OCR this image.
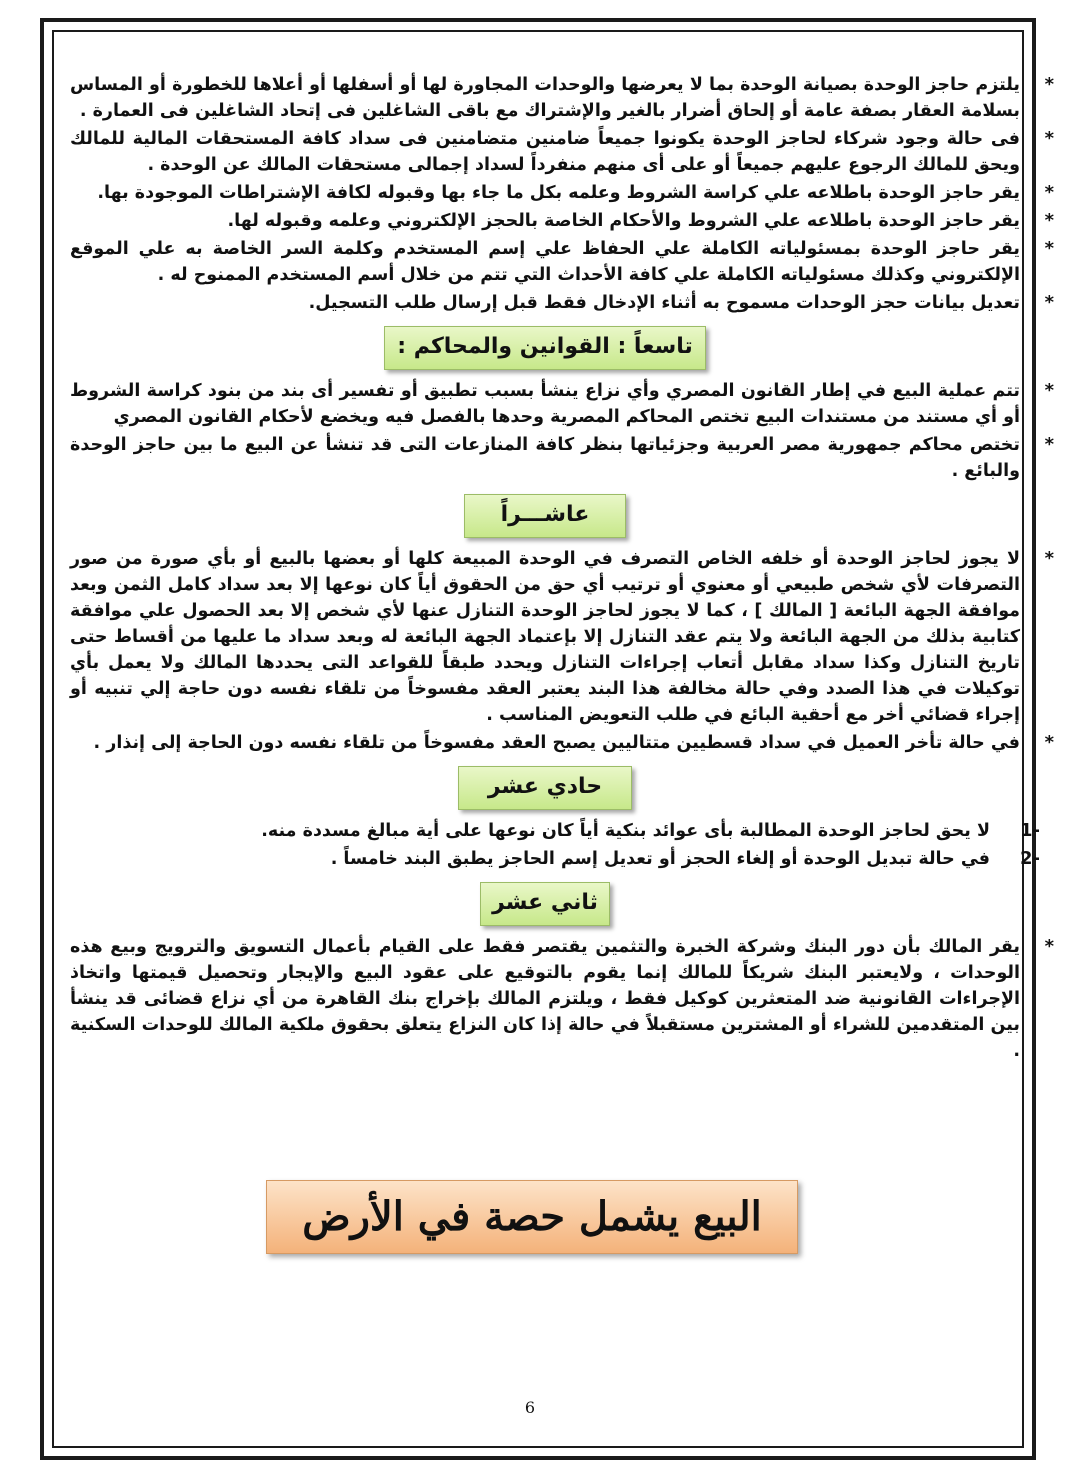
*
يلتزم حاجز الوحدة بصيانة الوحدة بما لا يعرضها والوحدات المجاورة لها أو أسفلها أو أعلاها للخطورة أو المساس بسلامة العقار بصفة عامة أو إلحاق أضرار بالغير والإشتراك مع باقى الشاغلين فى إتحاد الشاغلين فى العمارة .
*
فى حالة وجود شركاء لحاجز الوحدة يكونوا جميعاً ضامنين متضامنين فى سداد كافة المستحقات المالية للمالك ويحق للمالك الرجوع عليهم جميعاً أو على أى منهم منفرداً لسداد إجمالى مستحقات المالك عن الوحدة .
*
يقر حاجز الوحدة باطلاعه علي كراسة الشروط وعلمه بكل ما جاء بها وقبوله لكافة الإشتراطات الموجودة بها.
*
يقر حاجز الوحدة باطلاعه علي الشروط والأحكام الخاصة بالحجز الإلكتروني وعلمه وقبوله لها.
*
يقر حاجز الوحدة بمسئولياته الكاملة علي الحفاظ علي إسم المستخدم وكلمة السر الخاصة به علي الموقع الإلكتروني وكذلك مسئولياته الكاملة علي كافة الأحداث التي تتم من خلال أسم المستخدم الممنوح له .
*
تعديل بيانات حجز الوحدات مسموح به أثناء الإدخال فقط قبل إرسال طلب التسجيل.
تاسعاً : القوانين والمحاكم :
*
تتم عملية البيع في إطار القانون المصري وأي نزاع ينشأ بسبب تطبيق أو تفسير أى بند من بنود كراسة الشروط أو أي مستند من مستندات البيع تختص المحاكم المصرية وحدها بالفصل فيه ويخضع لأحكام القانون المصري
*
تختص محاكم جمهورية مصر العربية وجزئياتها بنظر كافة المنازعات التى قد تنشأ عن البيع ما بين حاجز الوحدة والبائع .
عاشـــراً
*
لا يجوز لحاجز الوحدة أو خلفه الخاص التصرف في الوحدة المبيعة كلها أو بعضها بالبيع أو بأي صورة من صور التصرفات لأي شخص طبيعي أو معنوي أو ترتيب أي حق من الحقوق أياً كان نوعها إلا بعد سداد كامل الثمن وبعد موافقة الجهة البائعة [ المالك ] ، كما لا يجوز لحاجز الوحدة التنازل عنها لأي شخص إلا بعد الحصول علي موافقة كتابية بذلك من الجهة البائعة ولا يتم عقد التنازل إلا بإعتماد الجهة البائعة له وبعد سداد ما عليها من أقساط حتى تاريخ التنازل وكذا سداد مقابل أتعاب إجراءات التنازل ويحدد طبقاً للقواعد التى يحددها المالك ولا يعمل بأي توكيلات في هذا الصدد وفي حالة مخالفة هذا البند يعتبر العقد مفسوخاً من تلقاء نفسه دون حاجة إلي تنبيه أو إجراء قضائي أخر مع أحقية البائع في طلب التعويض المناسب .
*
في حالة تأخر العميل في سداد قسطيين متتاليين يصبح العقد مفسوخاً من تلقاء نفسه دون الحاجة إلى إنذار .
حادي عشر
-1
لا يحق لحاجز الوحدة المطالبة بأى عوائد بنكية أياً كان نوعها على أية مبالغ مسددة منه.
-2
في حالة تبديل الوحدة أو إلغاء الحجز أو تعديل إسم الحاجز يطبق البند خامساً .
ثاني عشر
*
يقر المالك بأن دور البنك وشركة الخبرة والتثمين يقتصر فقط على القيام بأعمال التسويق والترويج وبيع هذه الوحدات ، ولايعتبر البنك شريكاً للمالك إنما يقوم بالتوقيع على عقود البيع والإيجار وتحصيل قيمتها واتخاذ الإجراءات القانونية ضد المتعثرين كوكيل فقط ، ويلتزم المالك بإخراج بنك القاهرة من أي نزاع قضائى قد ينشأ بين المتقدمين للشراء أو المشترين مستقبلاً في حالة إذا كان النزاع يتعلق بحقوق ملكية المالك للوحدات السكنية .
البيع يشمل حصة في الأرض
6
